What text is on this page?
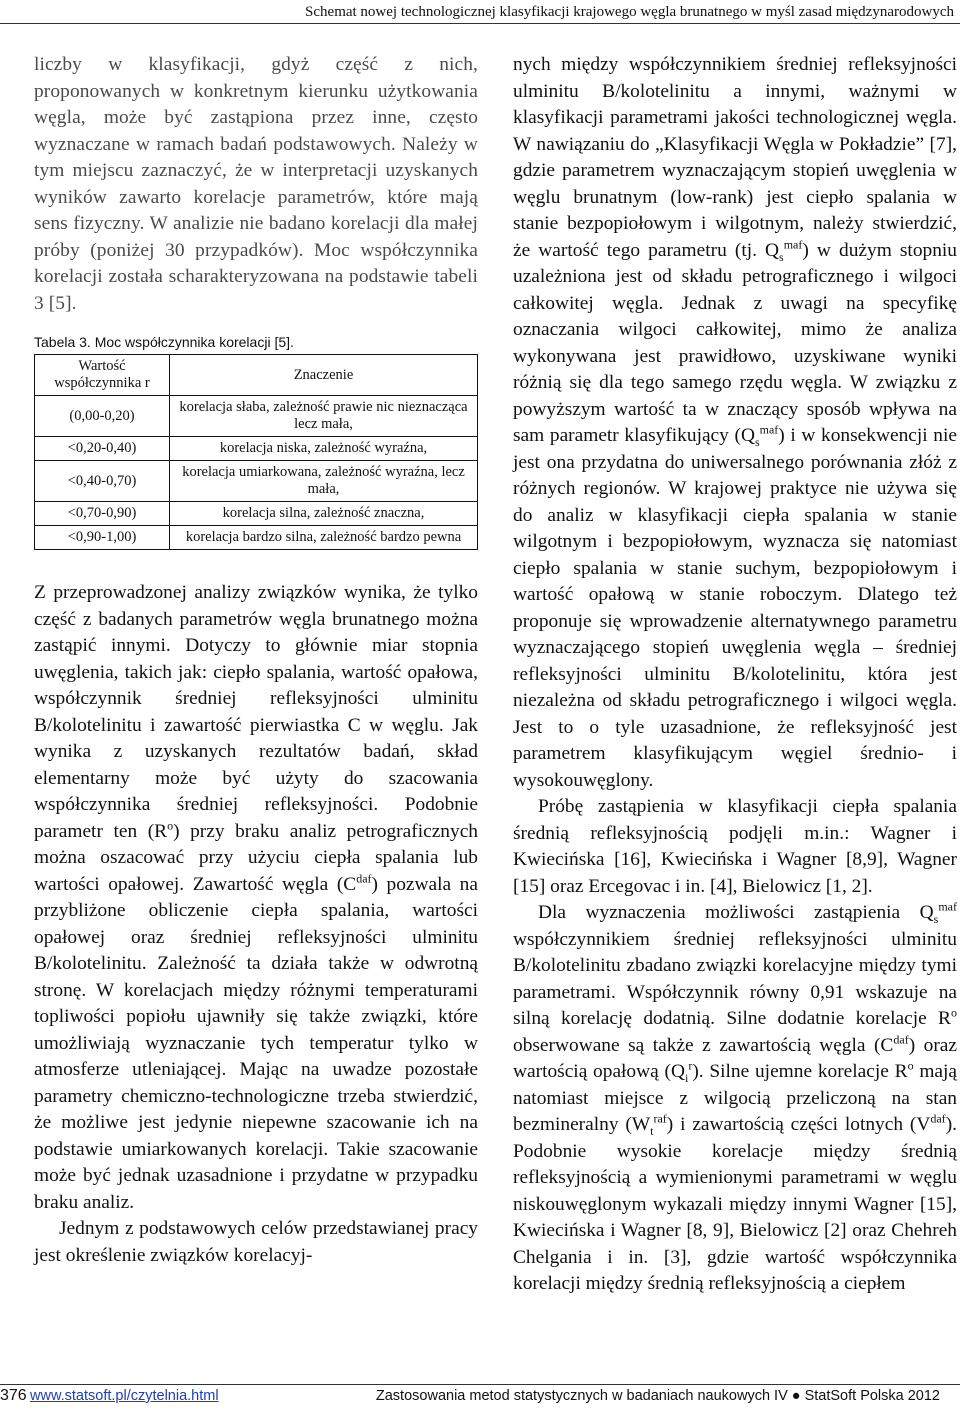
Schemat nowej technologicznej klasyfikacji krajowego węgla brunatnego w myśl zasad międzynarodowych

liczby w klasyfikacji, gdyż część z nich, proponowanych w konkretnym kierunku użytkowania węgla, może być zastąpiona przez inne, często wyznaczane w ramach badań podstawowych. Należy w tym miejscu zaznaczyć, że w interpretacji uzyskanych wyników zawarto korelacje parametrów, które mają sens fizyczny. W analizie nie badano korelacji dla małej próby (poniżej 30 przypadków). Moc współczynnika korelacji została scharakteryzowana na podstawie tabeli 3 [5].

Tabela 3. Moc współczynnika korelacji [5].
Wartość współczynnika r	Znaczenie
(0,00-0,20)	korelacja słaba, zależność prawie nic nieznacząca lecz mała,
<0,20-0,40)	korelacja niska, zależność wyraźna,
<0,40-0,70)	korelacja umiarkowana, zależność wyraźna, lecz mała,
<0,70-0,90)	korelacja silna, zależność znaczna,
<0,90-1,00)	korelacja bardzo silna, zależność bardzo pewna

Z przeprowadzonej analizy związków wynika, że tylko część z badanych parametrów węgla brunatnego można zastąpić innymi. Dotyczy to głównie miar stopnia uwęglenia, takich jak: ciepło spalania, wartość opałowa, współczynnik średniej refleksyjności ulminitu B/kolotelinitu i zawartość pierwiastka C w węglu. Jak wynika z uzyskanych rezultatów badań, skład elementarny może być użyty do szacowania współczynnika średniej refleksyjności. Podobnie parametr ten $(R^o)$ przy braku analiz petrograficznych można oszacować przy użyciu ciepła spalania lub wartości opałowej. Zawartość węgla $(C^{daf})$ pozwala na przybliżone obliczenie ciepła spalania, wartości opałowej oraz średniej refleksyjności ulminitu B/kolotelinitu. Zależność ta działa także w odwrotną stronę. W korelacjach między różnymi temperaturami topliwości popiołu ujawniły się także związki, które umożliwiają wyznaczanie tych temperatur tylko w atmosferze utleniającej. Mając na uwadze pozostałe parametry chemiczno-technologiczne trzeba stwierdzić, że możliwe jest jedynie niepewne szacowanie ich na podstawie umiarkowanych korelacji. Takie szacowanie może być jednak uzasadnione i przydatne w przypadku braku analiz.

Jednym z podstawowych celów przedstawianej pracy jest określenie związków korelacyj-

nych między współczynnikiem średniej refleksyjności ulminitu B/kolotelinitu a innymi, ważnymi w klasyfikacji parametrami jakości technologicznej węgla. W nawiązaniu do „Klasyfikacji Węgla w Pokładzie” [7], gdzie parametrem wyznaczającym stopień uwęglenia w węglu brunatnym (low-rank) jest ciepło spalania w stanie bezpopiołowym i wilgotnym, należy stwierdzić, że wartość tego parametru (tj. $Q_s^{maf}$) w dużym stopniu uzależniona jest od składu petrograficznego i wilgoci całkowitej węgla. Jednak z uwagi na specyfikę oznaczania wilgoci całkowitej, mimo że analiza wykonywana jest prawidłowo, uzyskiwane wyniki różnią się dla tego samego rzędu węgla. W związku z powyższym wartość ta w znaczący sposób wpływa na sam parametr klasyfikujący $(Q_s^{maf})$ i w konsekwencji nie jest ona przydatna do uniwersalnego porównania złóż z różnych regionów. W krajowej praktyce nie używa się do analiz w klasyfikacji ciepła spalania w stanie wilgotnym i bezpopiołowym, wyznacza się natomiast ciepło spalania w stanie suchym, bezpopiołowym i wartość opałową w stanie roboczym. Dlatego też proponuje się wprowadzenie alternatywnego parametru wyznaczającego stopień uwęglenia węgla – średniej refleksyjności ulminitu B/kolotelinitu, która jest niezależna od składu petrograficznego i wilgoci węgla. Jest to o tyle uzasadnione, że refleksyjność jest parametrem klasyfikującym węgiel średnio- i wysokouwęglony.

Próbę zastąpienia w klasyfikacji ciepła spalania średnią refleksyjnością podjęli m.in.: Wagner i Kwiecińska [16], Kwiecińska i Wagner [8,9], Wagner [15] oraz Ercegovac i in. [4], Bielowicz [1, 2].

Dla wyznaczenia możliwości zastąpienia $Q_s^{maf}$ współczynnikiem średniej refleksyjności ulminitu B/kolotelinitu zbadano związki korelacyjne między tymi parametrami. Współczynnik równy 0,91 wskazuje na silną korelację dodatnią. Silne dodatnie korelacje $R^o$ obserwowane są także z zawartością węgla $(C^{daf})$ oraz wartością opałową $(Q_i^r)$. Silne ujemne korelacje $R^o$ mają natomiast miejsce z wilgocią przeliczoną na stan bezmineralny $(W_t^{raf})$ i zawartością części lotnych $(V^{daf})$. Podobnie wysokie korelacje między średnią refleksyjnością a wymienionymi parametrami w węglu niskouwęglonym wykazali między innymi Wagner [15], Kwiecińska i Wagner [8, 9], Bielowicz [2] oraz Chehreh Chelgania i in. [3], gdzie wartość współczynnika korelacji między średnią refleksyjnością a ciepłem

376 www.statsoft.pl/czytelnia.html	Zastosowania metod statystycznych w badaniach naukowych IV ● StatSoft Polska 2012
